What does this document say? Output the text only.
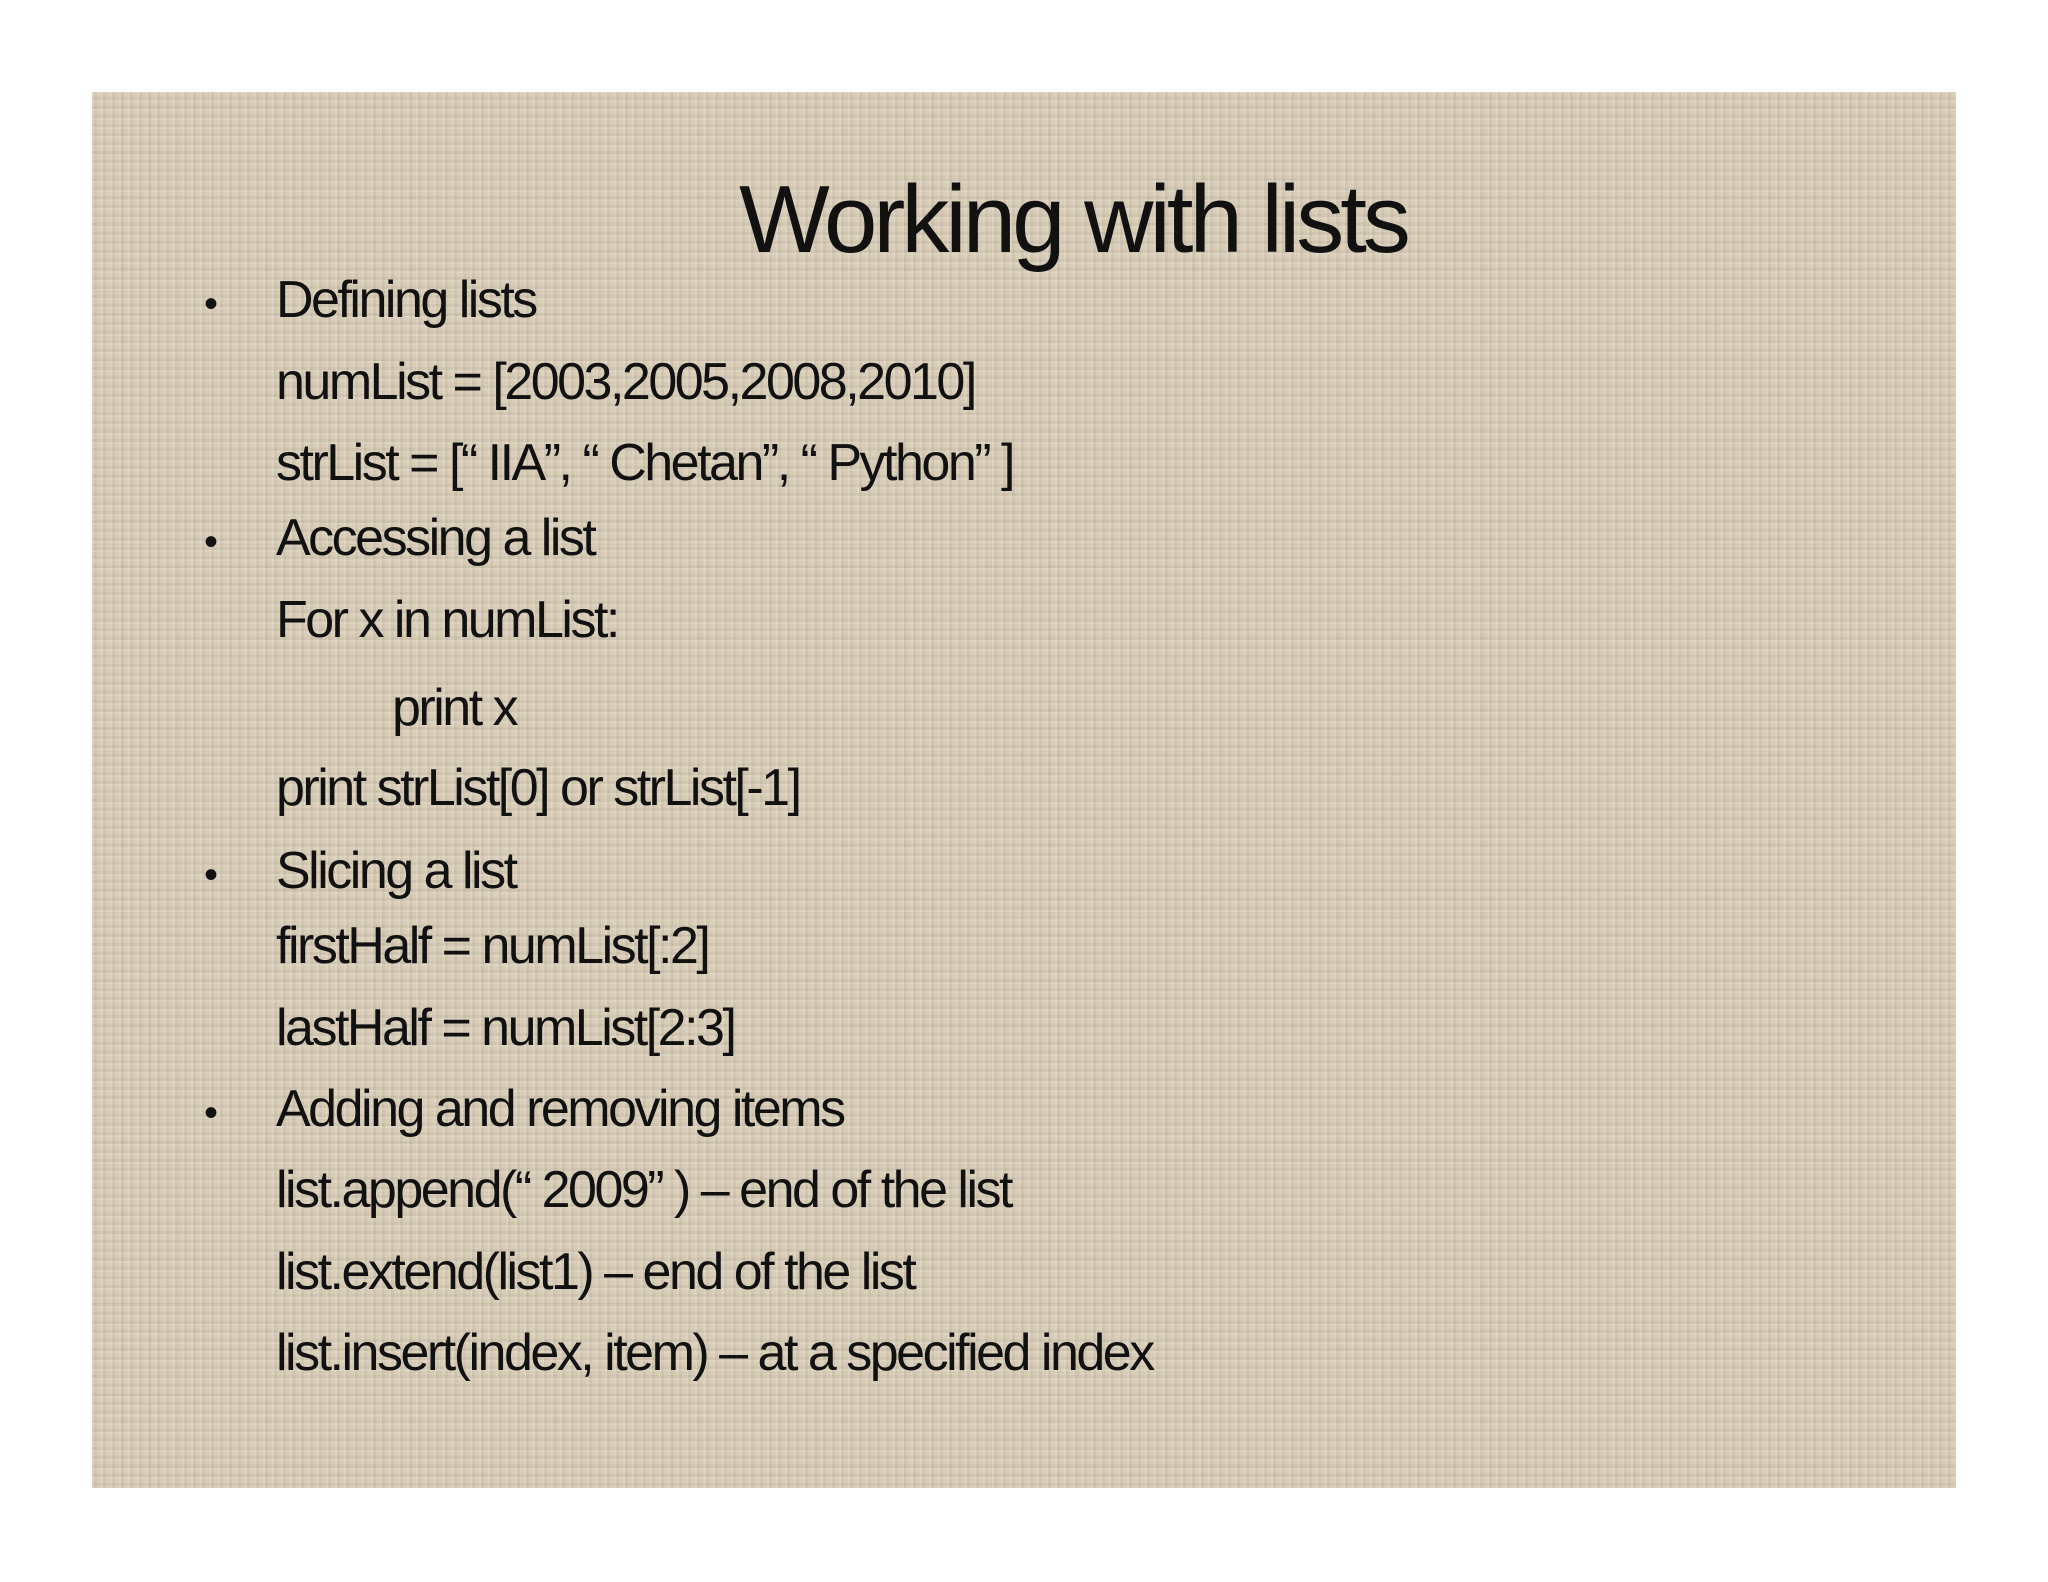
Working with lists
• Defining lists
numList = [2003,2005,2008,2010]
strList = [“ IIA”, “ Chetan”, “ Python” ]
• Accessing a list
For x in numList:
print x
print strList[0] or strList[-1]
• Slicing a list
firstHalf = numList[:2]
lastHalf = numList[2:3]
• Adding and removing items
list.append(“ 2009” ) – end of the list
list.extend(list1) – end of the list
list.insert(index, item) – at a specified index
